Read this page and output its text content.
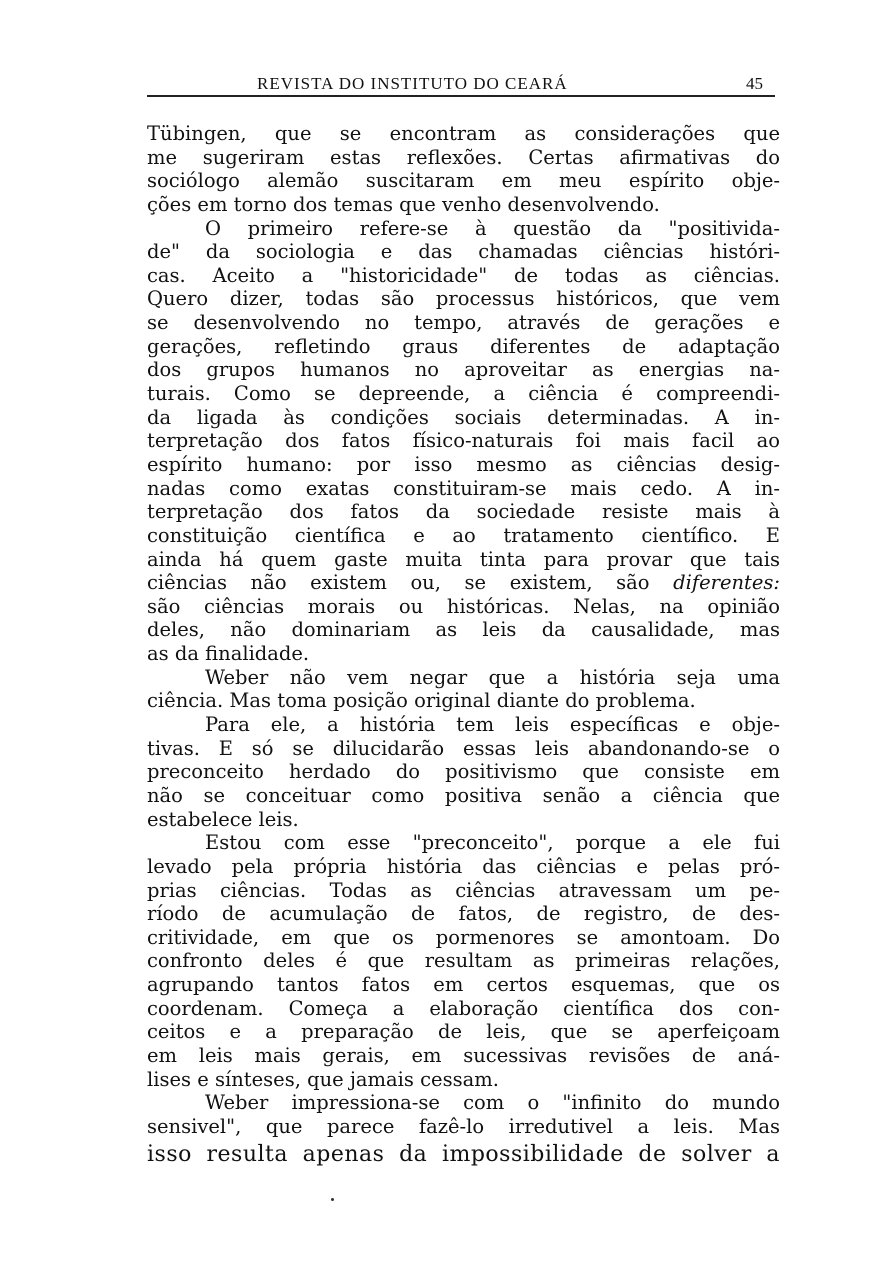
REVISTA DO INSTITUTO DO CEARÁ	45
Tübingen, que se encontram as considerações que
me sugeriram estas reflexões. Certas afirmativas do
sociólogo alemão suscitaram em meu espírito obje-
ções em torno dos temas que venho desenvolvendo.
O primeiro refere-se à questão da "positivida-
de" da sociologia e das chamadas ciências históri-
cas. Aceito a "historicidade" de todas as ciências.
Quero dizer, todas são processus históricos, que vem
se desenvolvendo no tempo, através de gerações e
gerações, refletindo graus diferentes de adaptação
dos grupos humanos no aproveitar as energias na-
turais. Como se depreende, a ciência é compreendi-
da ligada às condições sociais determinadas. A in-
terpretação dos fatos físico-naturais foi mais facil ao
espírito humano: por isso mesmo as ciências desig-
nadas como exatas constituiram-se mais cedo. A in-
terpretação dos fatos da sociedade resiste mais à
constituição científica e ao tratamento científico. E
ainda há quem gaste muita tinta para provar que tais
ciências não existem ou, se existem, são diferentes:
são ciências morais ou históricas. Nelas, na opinião
deles, não dominariam as leis da causalidade, mas
as da finalidade.
Weber não vem negar que a história seja uma
ciência. Mas toma posição original diante do problema.
Para ele, a história tem leis específicas e obje-
tivas. E só se dilucidarão essas leis abandonando-se o
preconceito herdado do positivismo que consiste em
não se conceituar como positiva senão a ciência que
estabelece leis.
Estou com esse "preconceito", porque a ele fui
levado pela própria história das ciências e pelas pró-
prias ciências. Todas as ciências atravessam um pe-
ríodo de acumulação de fatos, de registro, de des-
critividade, em que os pormenores se amontoam. Do
confronto deles é que resultam as primeiras relações,
agrupando tantos fatos em certos esquemas, que os
coordenam. Começa a elaboração científica dos con-
ceitos e a preparação de leis, que se aperfeiçoam
em leis mais gerais, em sucessivas revisões de aná-
lises e sínteses, que jamais cessam.
Weber impressiona-se com o "infinito do mundo
sensivel", que parece fazê-lo irredutivel a leis. Mas
isso resulta apenas da impossibilidade de solver a
